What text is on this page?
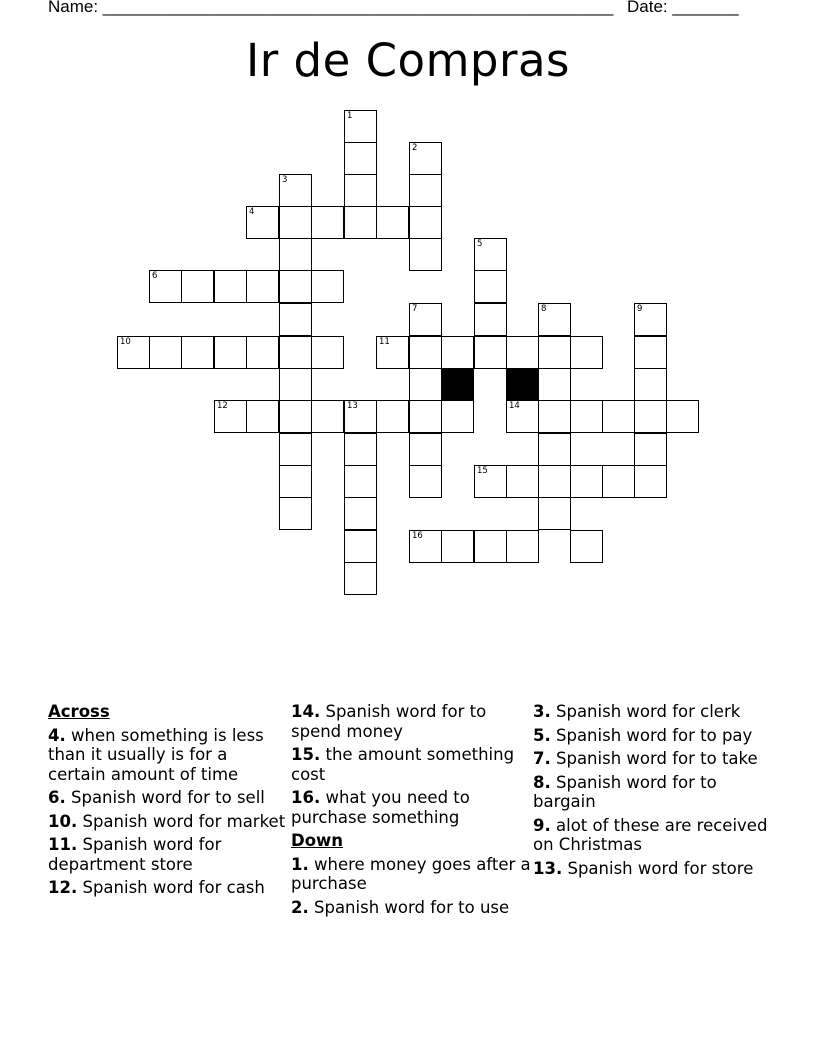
Name: ______________________________________________________ Date: _______
Ir de Compras
1
2
3
4
5
6
7	8	9
10	11
12	14
13
15
16
Across
4. when something is less than it usually is for a certain amount of time
6. Spanish word for to sell
10. Spanish word for market
11. Spanish word for department store
12. Spanish word for cash
14. Spanish word for to spend money
15. the amount something cost
16. what you need to purchase something
Down
1. where money goes after a purchase
2. Spanish word for to use
3. Spanish word for clerk
5. Spanish word for to pay
7. Spanish word for to take
8. Spanish word for to bargain
9. alot of these are received on Christmas
13. Spanish word for store
